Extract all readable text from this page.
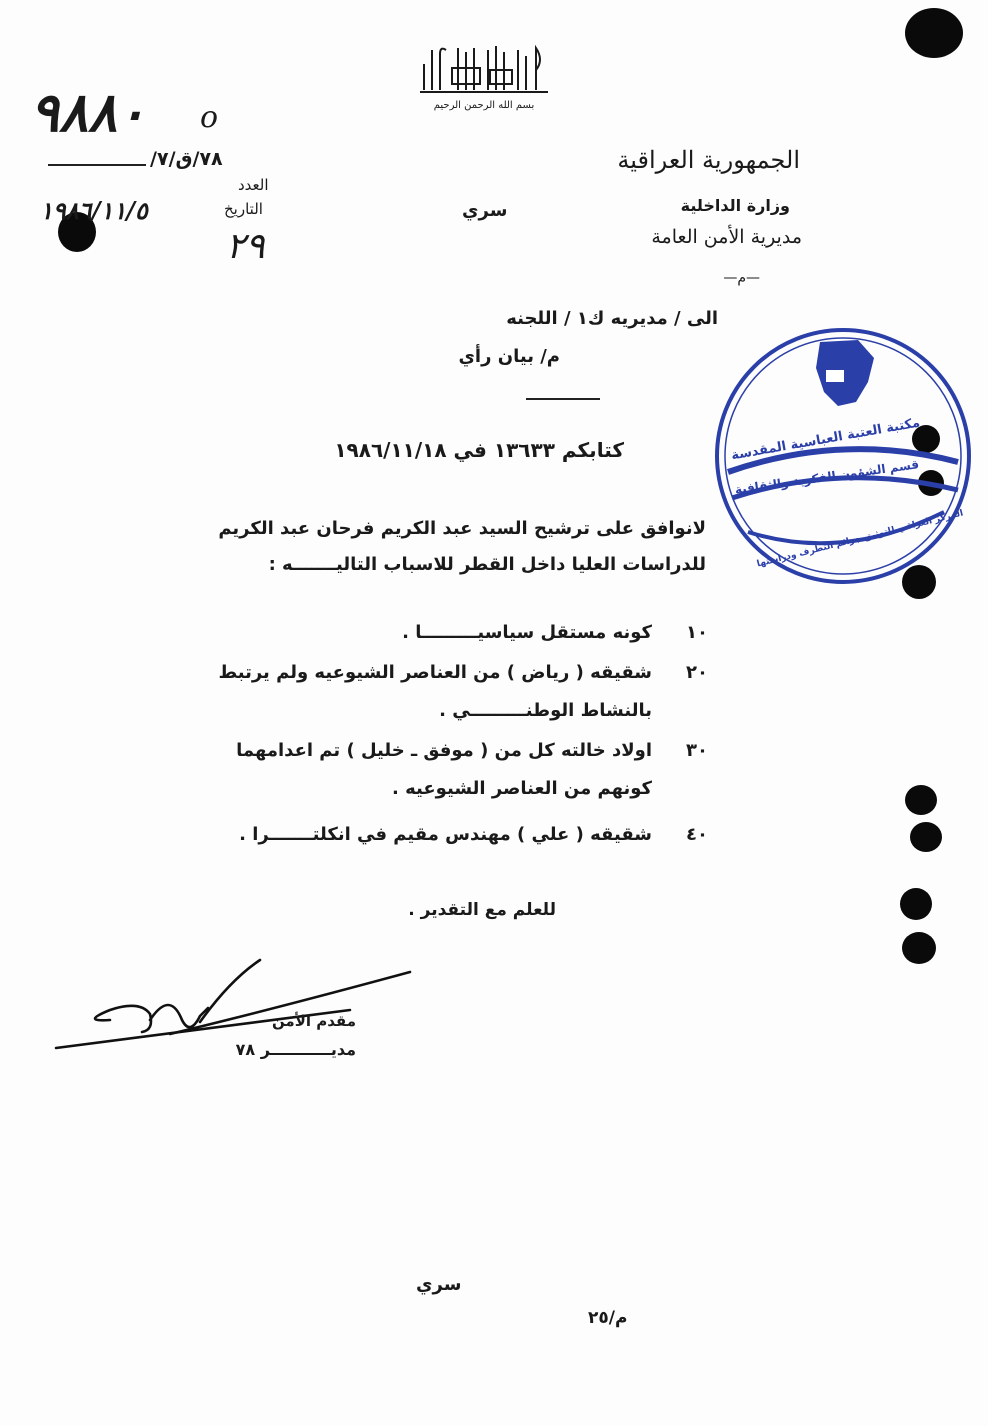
بسم الله الرحمن الرحيم
٩٨٨٠ o
٧٨/ق/٧/
العدد
التاريخ
١٩٨٦/١١/٥
٢٩
الجمهورية العراقية
وزارة الداخلية
مديرية الأمن العامة
—م—
سري
الى / مديريه ك١ / اللجنه
م/ بيان رأي
كتابكم ١٣٦٣٣ في ١٩٨٦/١١/١٨
لانوافق على ترشيح السيد عبد الكريم فرحان عبد الكريم
للدراسات العليا داخل القطر للاسباب التاليـــــــه :
١٠
كونه مستقل سياسيـــــــــا .
٢٠
شقيقه ( رياض ) من العناصر الشيوعيه ولم يرتبط
بالنشاط الوطنـــــــــي .
٣٠
اولاد خالته كل من ( موفق ـ خليل ) تم اعدامهما
كونهم من العناصر الشيوعيه .
٤٠
شقيقه ( علي ) مهندس مقيم في انكلتـــــــرا .
للعلم مع التقدير .
مقدم الأمن
مديـــــــــــر ٧٨
سري
م/٢٥
مكتبة العتبة العباسية المقدسة
قسم الشؤون الفكرية والثقافية
المركز العراقي للتوثيق جرائم التطرف ودراستها
